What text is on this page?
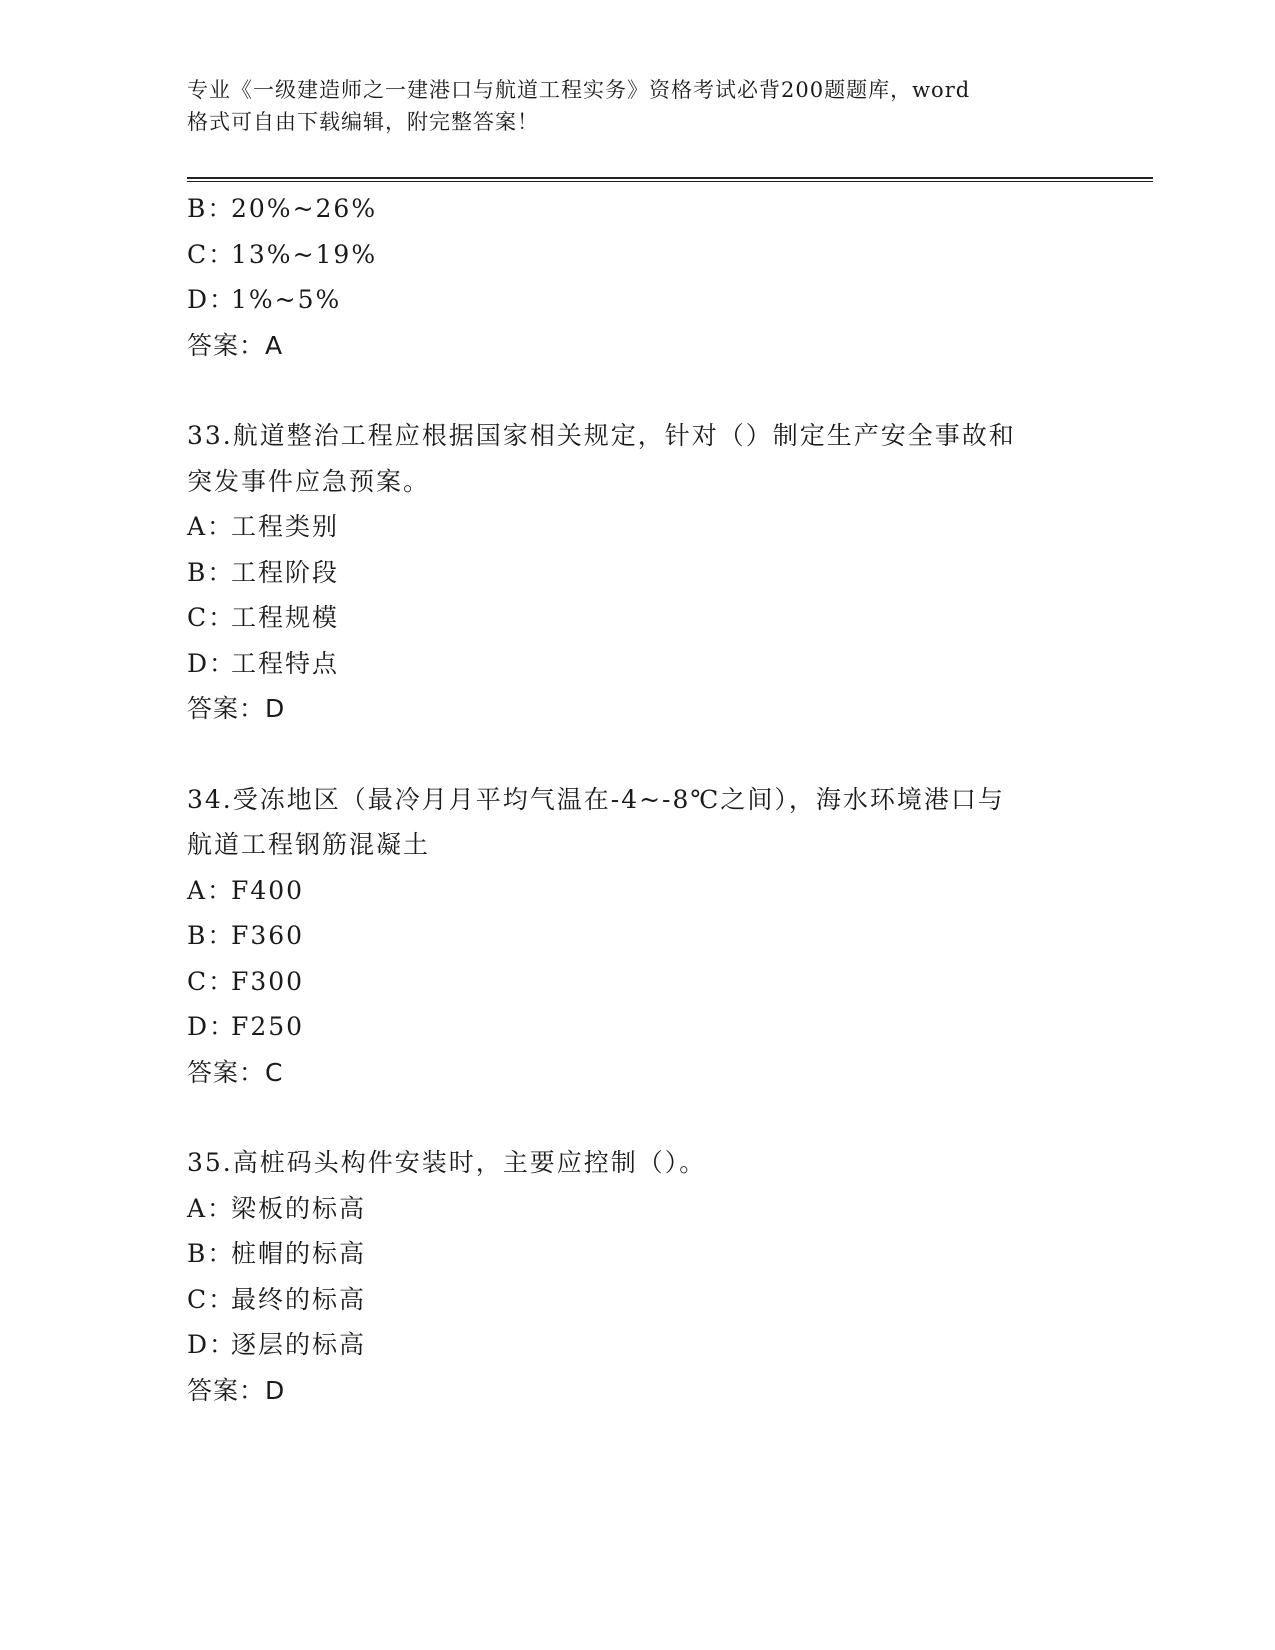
专业《一级建造师之一建港口与航道工程实务》资格考试必背200题题库，word
格式可自由下载编辑，附完整答案！
B：20%~26%
C：13%~19%
D：1%~5%
答案：A
33.航道整治工程应根据国家相关规定，针对（）制定生产安全事故和
突发事件应急预案。
A：工程类别
B：工程阶段
C：工程规模
D：工程特点
答案：D
34.受冻地区（最冷月月平均气温在-4~-8℃之间），海水环境港口与
航道工程钢筋混凝土
A：F400
B：F360
C：F300
D：F250
答案：C
35.高桩码头构件安装时，主要应控制（）。
A：梁板的标高
B：桩帽的标高
C：最终的标高
D：逐层的标高
答案：D
